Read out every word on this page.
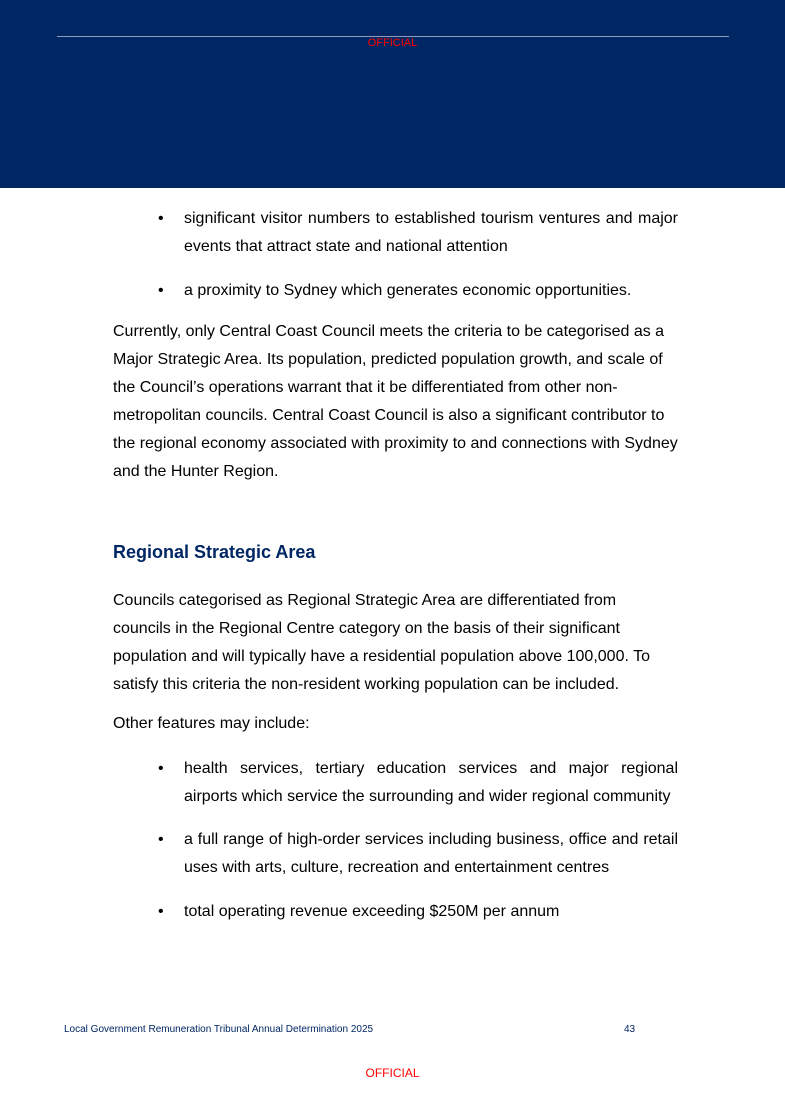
OFFICIAL
•	significant visitor numbers to established tourism ventures and major events that attract state and national attention
•	a proximity to Sydney which generates economic opportunities.
Currently, only Central Coast Council meets the criteria to be categorised as a Major Strategic Area. Its population, predicted population growth, and scale of the Council’s operations warrant that it be differentiated from other non-metropolitan councils. Central Coast Council is also a significant contributor to the regional economy associated with proximity to and connections with Sydney and the Hunter Region.
Regional Strategic Area
Councils categorised as Regional Strategic Area are differentiated from councils in the Regional Centre category on the basis of their significant population and will typically have a residential population above 100,000. To satisfy this criteria the non-resident working population can be included.
Other features may include:
•	health services, tertiary education services and major regional airports which service the surrounding and wider regional community
•	a full range of high-order services including business, office and retail uses with arts, culture, recreation and entertainment centres
•	total operating revenue exceeding $250M per annum
Local Government Remuneration Tribunal Annual Determination 2025	43
OFFICIAL
